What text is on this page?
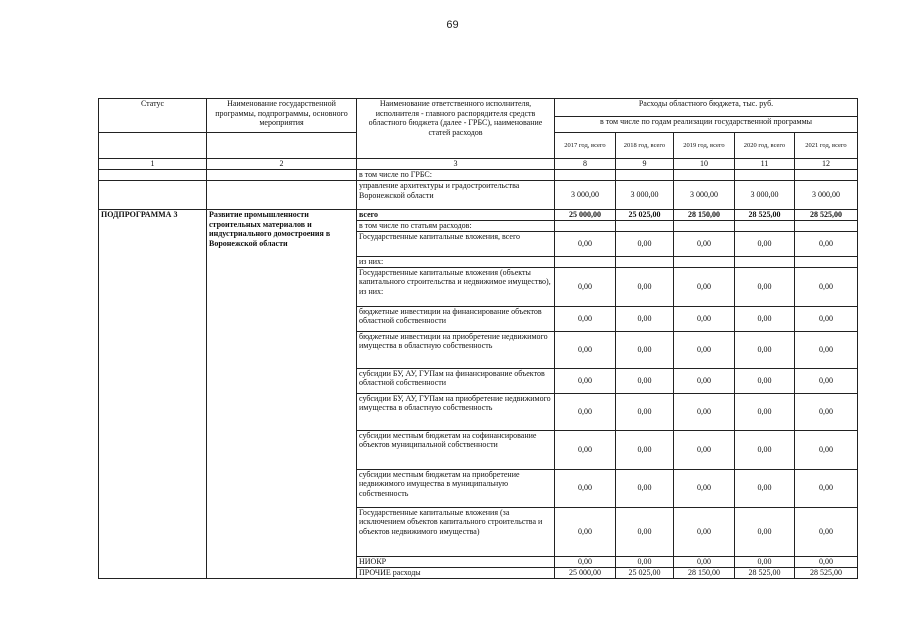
69
Статус	Наименование государственной программы, подпрограммы, основного мероприятия	Наименование ответственного исполнителя, исполнителя - главного распорядителя средств областного бюджета (далее - ГРБС), наименование статей расходов	Расходы областного бюджета, тыс. руб.				
			в том числе по годам реализации государственной программы				
			2017 год, всего	2018 год, всего	2019 год, всего	2020 год, всего	2021 год, всего
1	2	3	8	9	10	11	12
		в том числе по ГРБС:					
		управление архитектуры и градостроительства Воронежской области	3 000,00	3 000,00	3 000,00	3 000,00	3 000,00
ПОДПРОГРАММА 3	Развитие промышленности строительных материалов и индустриального домостроения в Воронежской области	всего	25 000,00	25 025,00	28 150,00	28 525,00	28 525,00
		в том числе по статьям расходов:					
		Государственные капитальные вложения, всего	0,00	0,00	0,00	0,00	0,00
		из них:					
		Государственные капитальные вложения (объекты капитального строительства и недвижимое имущество), из них:	0,00	0,00	0,00	0,00	0,00
		бюджетные инвестиции на финансирование объектов областной собственности	0,00	0,00	0,00	0,00	0,00
		бюджетные инвестиции на приобретение недвижимого имущества в областную собственность	0,00	0,00	0,00	0,00	0,00
		субсидии БУ, АУ, ГУПам на финансирование объектов областной собственности	0,00	0,00	0,00	0,00	0,00
		субсидии БУ, АУ, ГУПам на приобретение недвижимого имущества в областную собственность	0,00	0,00	0,00	0,00	0,00
		субсидии местным бюджетам на софинансирование объектов муниципальной собственности	0,00	0,00	0,00	0,00	0,00
		субсидии местным бюджетам на приобретение недвижимого имущества в муниципальную собственность	0,00	0,00	0,00	0,00	0,00
		Государственные капитальные вложения (за исключением объектов капитального строительства и объектов недвижимого имущества)	0,00	0,00	0,00	0,00	0,00
		НИОКР	0,00	0,00	0,00	0,00	0,00
		ПРОЧИЕ расходы	25 000,00	25 025,00	28 150,00	28 525,00	28 525,00
